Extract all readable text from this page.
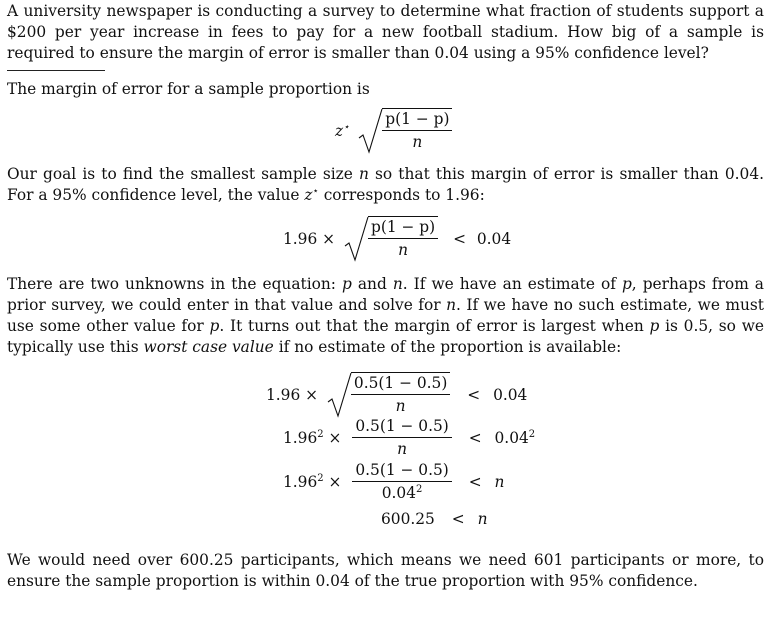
A university newspaper is conducting a survey to determine what fraction of students support a $200 per year increase in fees to pay for a new football stadium. How big of a sample is required to ensure the margin of error is smaller than 0.04 using a 95% confidence level?

The margin of error for a sample proportion is

$z^⋆ \frac{p(1 - p)}{n}$

Our goal is to find the smallest sample size n so that this margin of error is smaller than 0.04. For a 95% confidence level, the value z⋆ corresponds to 1.96:

$1.96 \times \frac{p(1 - p)}{n} < 0.04$

There are two unknowns in the equation: p and n. If we have an estimate of p, perhaps from a prior survey, we could enter in that value and solve for n. If we have no such estimate, we must use some other value for p. It turns out that the margin of error is largest when p is 0.5, so we typically use this worst case value if no estimate of the proportion is available:

$1.96 \times \frac{0.5(1 - 0.5)}{n} < 0.04$
$1.96^2 \times \frac{0.5(1 - 0.5)}{n} < 0.04^2$
$1.96^2 \times \frac{0.5(1 - 0.5)}{0.04^2} < n$
600.25 < n

We would need over 600.25 participants, which means we need 601 participants or more, to ensure the sample proportion is within 0.04 of the true proportion with 95% confidence.
